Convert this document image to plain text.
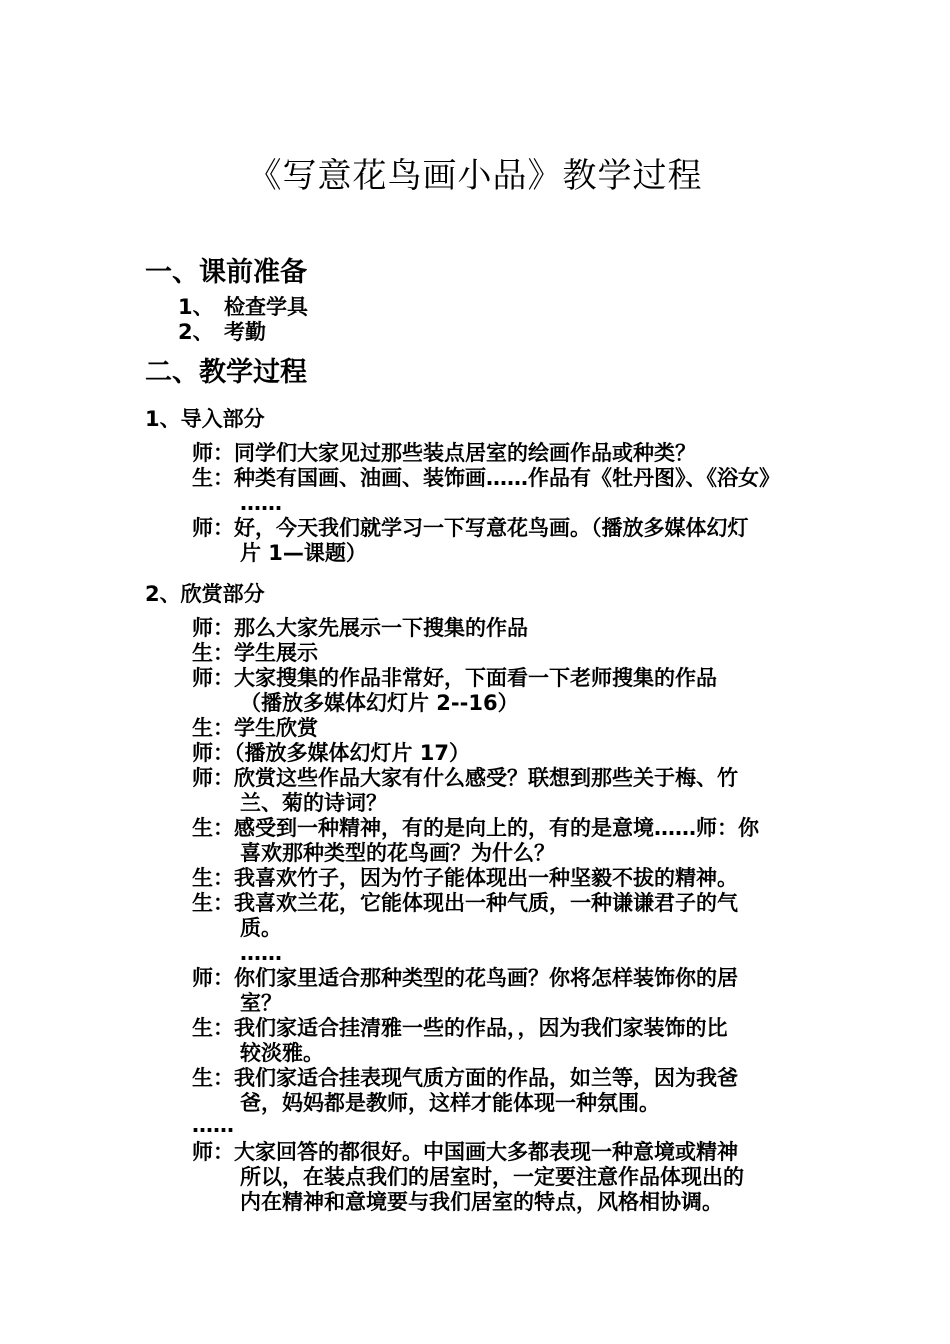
《写意花鸟画小品》教学过程
一、课前准备
1、 检查学具
2、 考勤
二、教学过程
1、导入部分
师：同学们大家见过那些装点居室的绘画作品或种类？
生：种类有国画、油画、装饰画……作品有《牡丹图》、《浴女》
……
师：好，今天我们就学习一下写意花鸟画。（播放多媒体幻灯
片 1—课题）
2、欣赏部分
师：那么大家先展示一下搜集的作品
生：学生展示
师：大家搜集的作品非常好，下面看一下老师搜集的作品
（播放多媒体幻灯片 2--16）
生：学生欣赏
师：（播放多媒体幻灯片 17）
师：欣赏这些作品大家有什么感受？联想到那些关于梅、竹
兰、菊的诗词？
生：感受到一种精神，有的是向上的，有的是意境……师：你
喜欢那种类型的花鸟画？为什么？
生：我喜欢竹子，因为竹子能体现出一种坚毅不拔的精神。
生：我喜欢兰花，它能体现出一种气质，一种谦谦君子的气
质。
……
师：你们家里适合那种类型的花鸟画？你将怎样装饰你的居
室？
生：我们家适合挂清雅一些的作品，，因为我们家装饰的比
较淡雅。
生：我们家适合挂表现气质方面的作品，如兰等，因为我爸
爸，妈妈都是教师，这样才能体现一种氛围。
……
师：大家回答的都很好。中国画大多都表现一种意境或精神
所以，在装点我们的居室时，一定要注意作品体现出的
内在精神和意境要与我们居室的特点，风格相协调。
